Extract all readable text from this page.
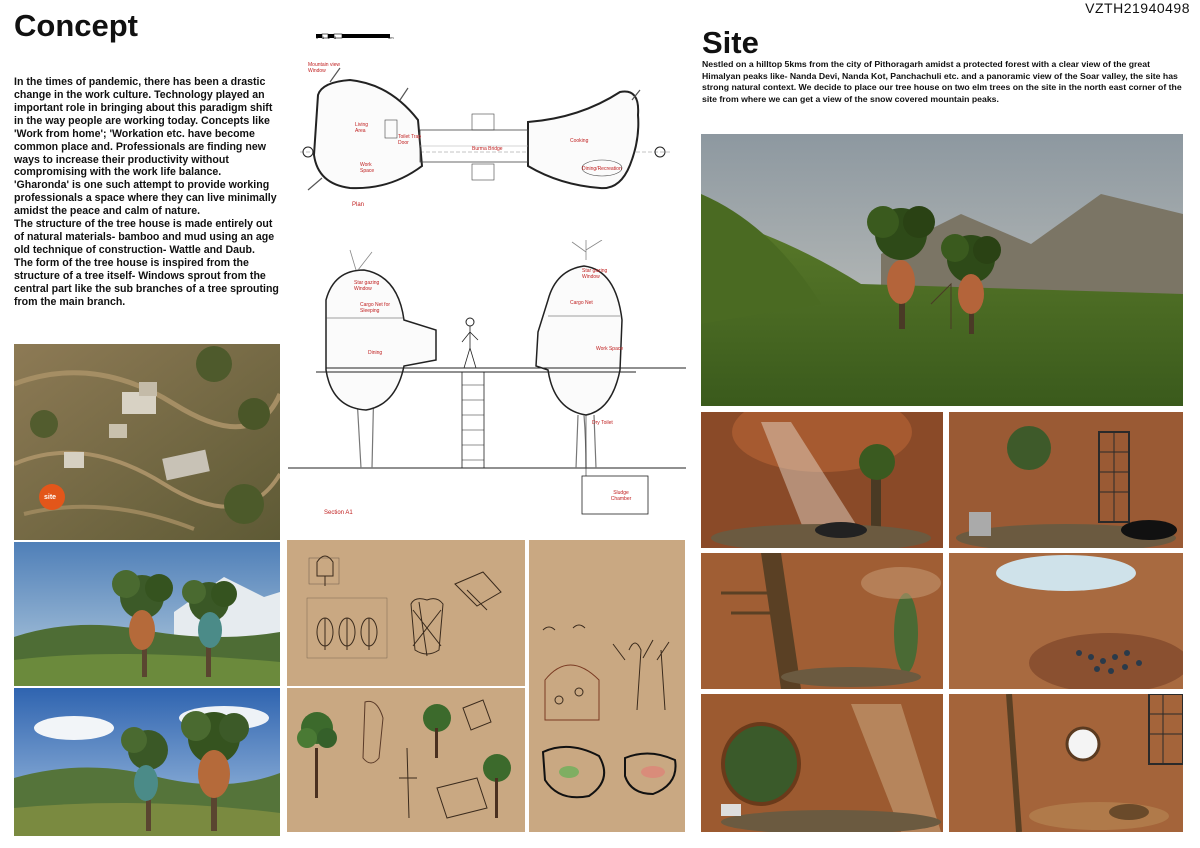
VZTH21940498
Concept

In the times of pandemic, there has been a drastic change in the work culture. Technology played an important role in bringing about this paradigm shift in the way people are working today. Concepts like 'Work from home'; 'Workation etc. have become common place and. Professionals are finding new ways to increase their productivity without compromising with the work life balance.

'Gharonda' is one such attempt to provide working professionals a space where they can live minimally amidst the peace and calm of nature.

The structure of the tree house is made entirely out of natural materials- bamboo and mud using an age old technique of construction- Wattle and Daub.

The form of the tree house is inspired from the structure of a tree itself- Windows sprout from the central part like the sub branches of a tree sprouting from the main branch.

Site
Nestled on a hilltop 5kms from the city of Pithoragarh amidst a protected forest with a clear view of the great Himalyan peaks like- Nanda Devi, Nanda Kot, Panchachuli etc. and a panoramic view of the Soar valley, the site has strong natural context. We decide to place our tree house on two elm trees on the site in the north east corner of the site from where we can get a view of the snow covered mountain peaks.
site
0 1 2 3	5m
Mountain view Window
Living Area
Toilet Trap Door
Work Space
Burma Bridge
Cooking
Dining/Recreation
Plan
Star gazing Window
Cargo Net for Sleeping
Dining
Star gazing Window
Cargo Net
Work Space
Dry Toilet
Sludge Chamber
Section A1
